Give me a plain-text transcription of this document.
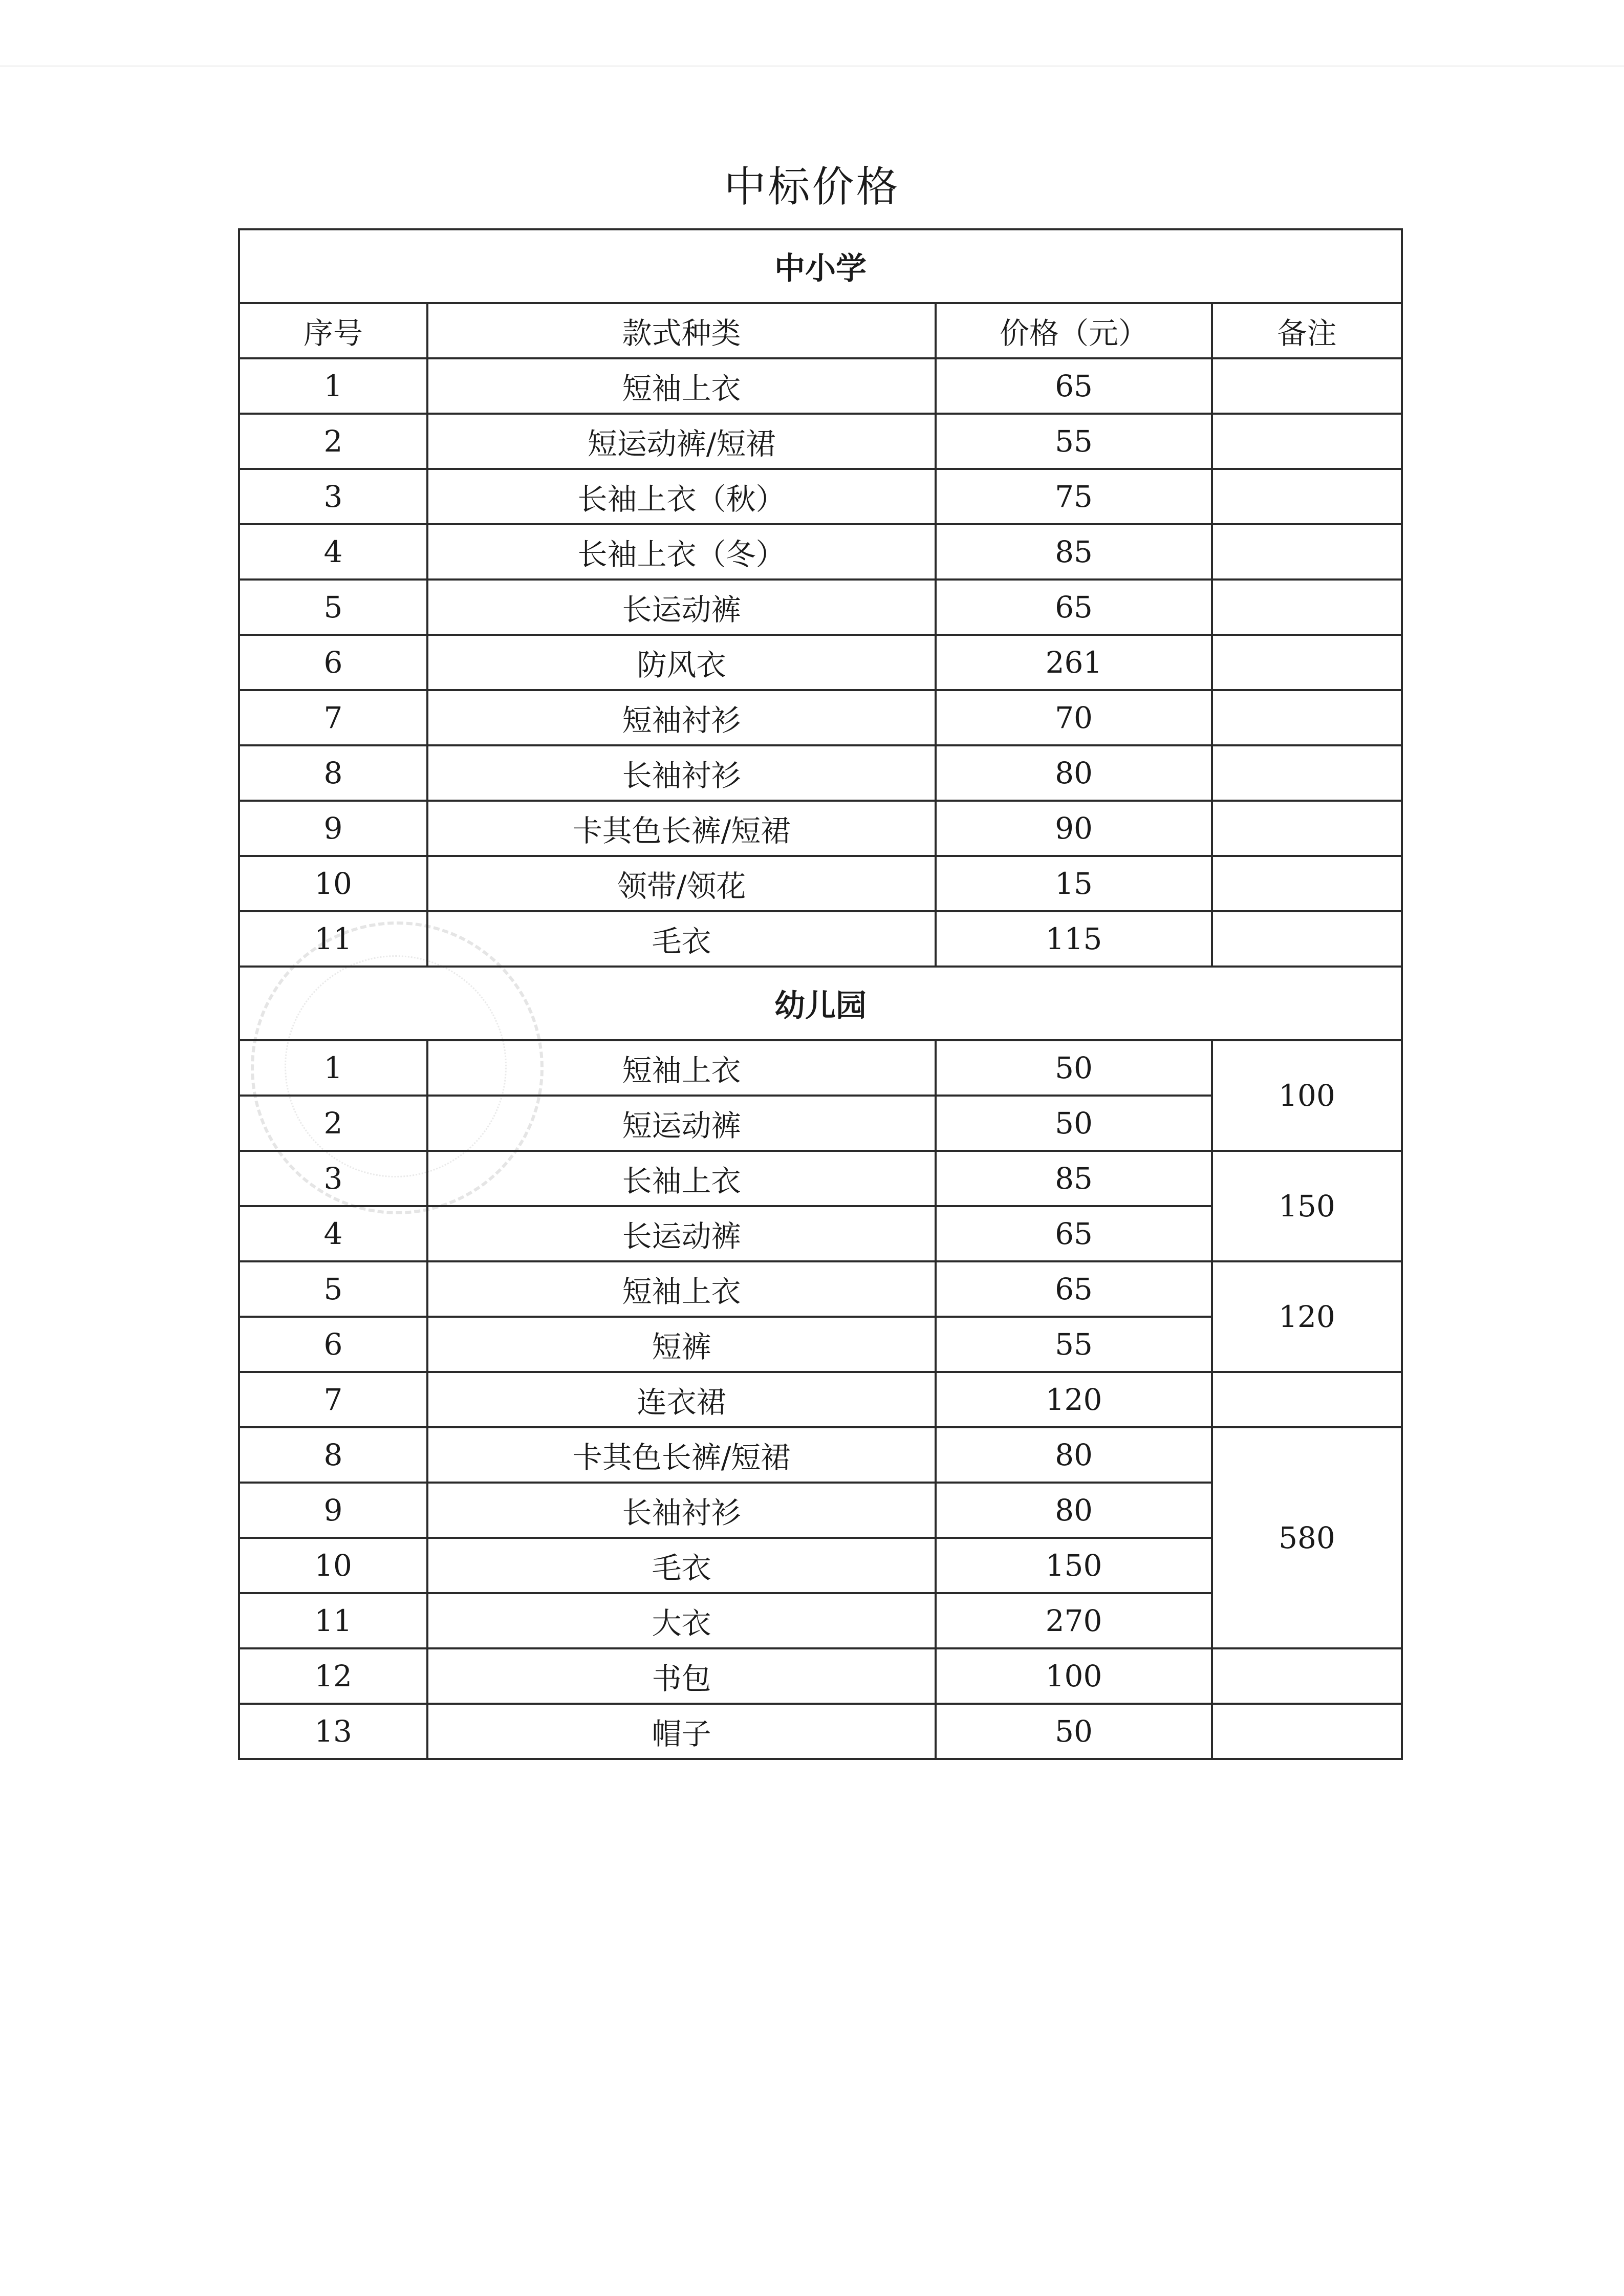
中标价格
中小学			
序号	款式种类	价格（元）	备注
1	短袖上衣	65	
2	短运动裤/短裙	55	
3	长袖上衣（秋）	75	
4	长袖上衣（冬）	85	
5	长运动裤	65	
6	防风衣	261	
7	短袖衬衫	70	
8	长袖衬衫	80	
9	卡其色长裤/短裙	90	
10	领带/领花	15	
11	毛衣	115	
幼儿园			
1	短袖上衣	50	100
2	短运动裤	50	
3	长袖上衣	85	150
4	长运动裤	65	
5	短袖上衣	65	120
6	短裤	55	
7	连衣裙	120	
8	卡其色长裤/短裙	80	580
9	长袖衬衫	80	
10	毛衣	150	
11	大衣	270	
12	书包	100	
13	帽子	50	
